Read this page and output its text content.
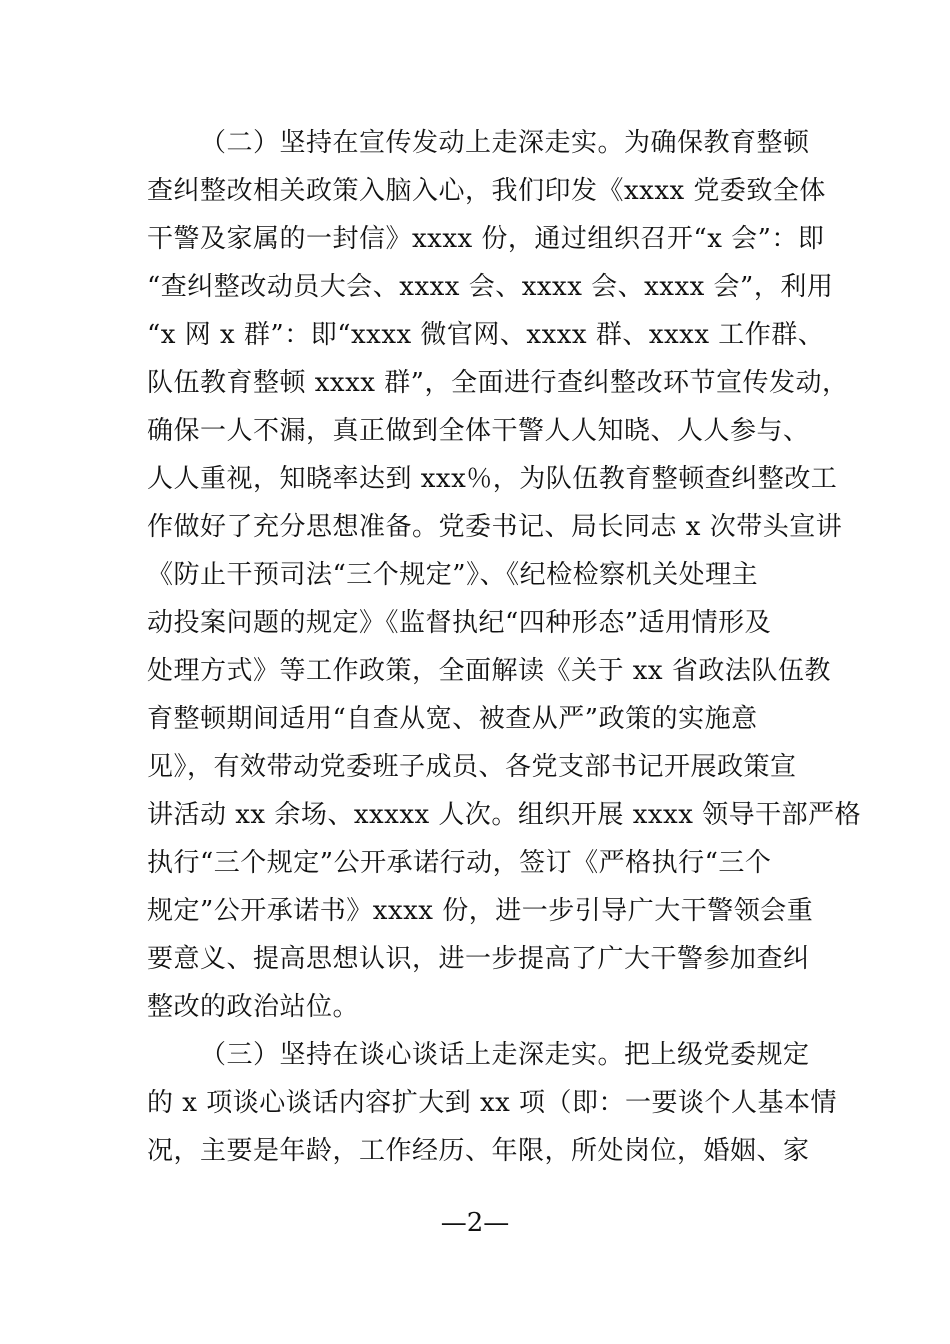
（二）坚持在宣传发动上走深走实。为确保教育整顿
查纠整改相关政策入脑入心，我们印发《xxxx 党委致全体
干警及家属的一封信》xxxx 份，通过组织召开“x 会”：即
“查纠整改动员大会、xxxx 会、xxxx 会、xxxx 会”，利用
“x 网 x 群”：即“xxxx 微官网、xxxx 群、xxxx 工作群、
队伍教育整顿 xxxx 群”，全面进行查纠整改环节宣传发动，
确保一人不漏，真正做到全体干警人人知晓、人人参与、
人人重视，知晓率达到 xxx％，为队伍教育整顿查纠整改工
作做好了充分思想准备。党委书记、局长同志 x 次带头宣讲
《防止干预司法“三个规定”》、《纪检检察机关处理主
动投案问题的规定》《监督执纪“四种形态”适用情形及
处理方式》等工作政策，全面解读《关于 xx 省政法队伍教
育整顿期间适用“自查从宽、被查从严”政策的实施意
见》，有效带动党委班子成员、各党支部书记开展政策宣
讲活动 xx 余场、xxxxx 人次。组织开展 xxxx 领导干部严格
执行“三个规定”公开承诺行动，签订《严格执行“三个
规定”公开承诺书》xxxx 份，进一步引导广大干警领会重
要意义、提高思想认识，进一步提高了广大干警参加查纠
整改的政治站位。
（三）坚持在谈心谈话上走深走实。把上级党委规定
的 x 项谈心谈话内容扩大到 xx 项（即：一要谈个人基本情
况，主要是年龄，工作经历、年限，所处岗位，婚姻、家
—2—
